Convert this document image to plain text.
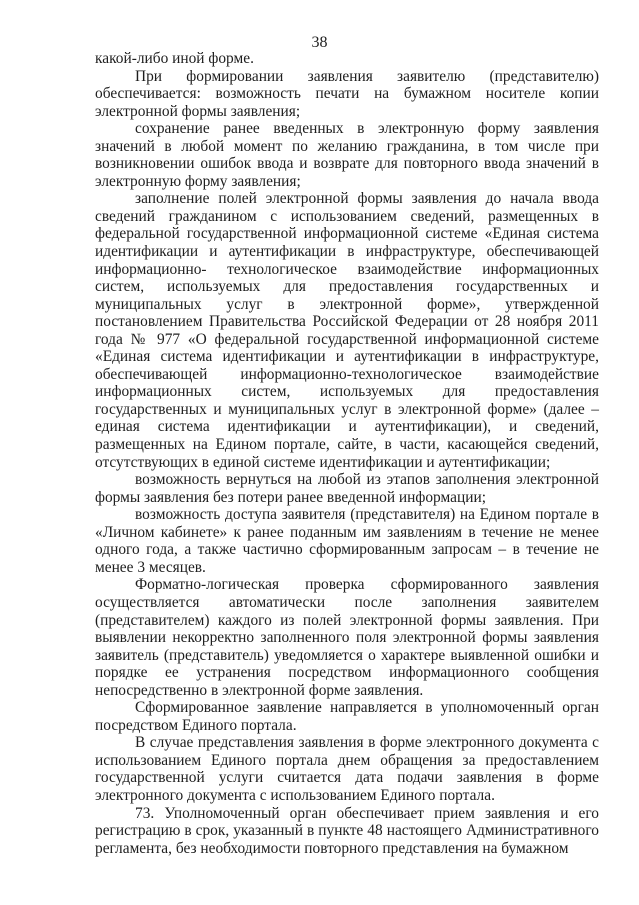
38

какой-либо иной форме.

При формировании заявления заявителю (представителю) обеспечивается: возможность печати на бумажном носителе копии электронной формы заявления;

сохранение ранее введенных в электронную форму заявления значений в любой момент по желанию гражданина, в том числе при возникновении ошибок ввода и возврате для повторного ввода значений в электронную форму заявления;

заполнение полей электронной формы заявления до начала ввода сведений гражданином с использованием сведений, размещенных в федеральной государственной информационной системе «Единая система идентификации и аутентификации в инфраструктуре, обеспечивающей информационно- технологическое взаимодействие информационных систем, используемых для предоставления государственных и муниципальных услуг в электронной форме», утвержденной постановлением Правительства Российской Федерации от 28 ноября 2011 года № 977 «О федеральной государственной информационной системе «Единая система идентификации и аутентификации в инфраструктуре, обеспечивающей информационно-технологическое взаимодействие информационных систем, используемых для предоставления государственных и муниципальных услуг в электронной форме» (далее – единая система идентификации и аутентификации), и сведений, размещенных на Едином портале, сайте, в части, касающейся сведений, отсутствующих в единой системе идентификации и аутентификации;

возможность вернуться на любой из этапов заполнения электронной формы заявления без потери ранее введенной информации;

возможность доступа заявителя (представителя) на Едином портале в «Личном кабинете» к ранее поданным им заявлениям в течение не менее одного года, а также частично сформированным запросам – в течение не менее 3 месяцев.

Форматно-логическая проверка сформированного заявления осуществляется автоматически после заполнения заявителем (представителем) каждого из полей электронной формы заявления. При выявлении некорректно заполненного поля электронной формы заявления заявитель (представитель) уведомляется о характере выявленной ошибки и порядке ее устранения посредством информационного сообщения непосредственно в электронной форме заявления.

Сформированное заявление направляется в уполномоченный орган посредством Единого портала.

В случае представления заявления в форме электронного документа с использованием Единого портала днем обращения за предоставлением государственной услуги считается дата подачи заявления в форме электронного документа с использованием Единого портала.

73. Уполномоченный орган обеспечивает прием заявления и его регистрацию в срок, указанный в пункте 48 настоящего Административного регламента, без необходимости повторного представления на бумажном
